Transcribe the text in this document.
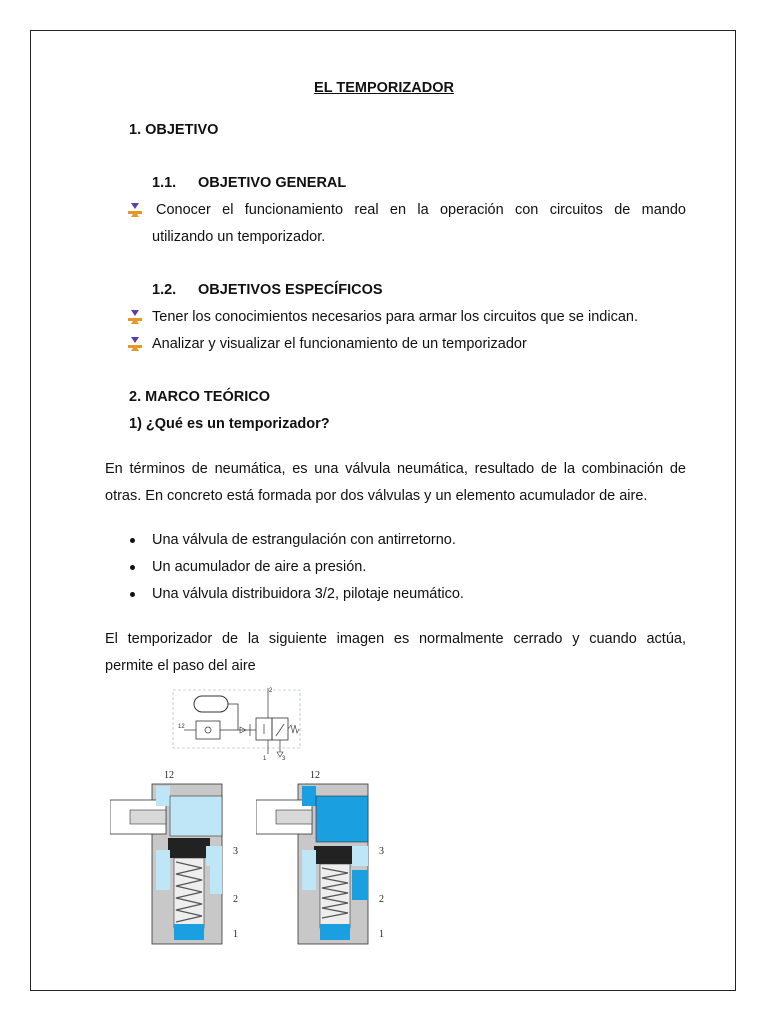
EL TEMPORIZADOR
1. OBJETIVO
1.1. OBJETIVO GENERAL
Conocer el funcionamiento real en la operación con circuitos de mando
utilizando un temporizador.
1.2. OBJETIVOS ESPECÍFICOS
Tener los conocimientos necesarios para armar los circuitos que se indican.
Analizar y visualizar el funcionamiento de un temporizador
2. MARCO TEÓRICO
1) ¿Qué es un temporizador?
En términos de neumática, es una válvula neumática, resultado de la combinación de
otras. En concreto está formada por dos válvulas y un elemento acumulador de aire.
Una válvula de estrangulación con antirretorno.
Un acumulador de aire a presión.
Una válvula distribuidora 3/2, pilotaje neumático.
El temporizador de la siguiente imagen es normalmente cerrado y cuando actúa,
permite el paso del aire
2
12
1	3
12
3
2
1
12
3
2
1
